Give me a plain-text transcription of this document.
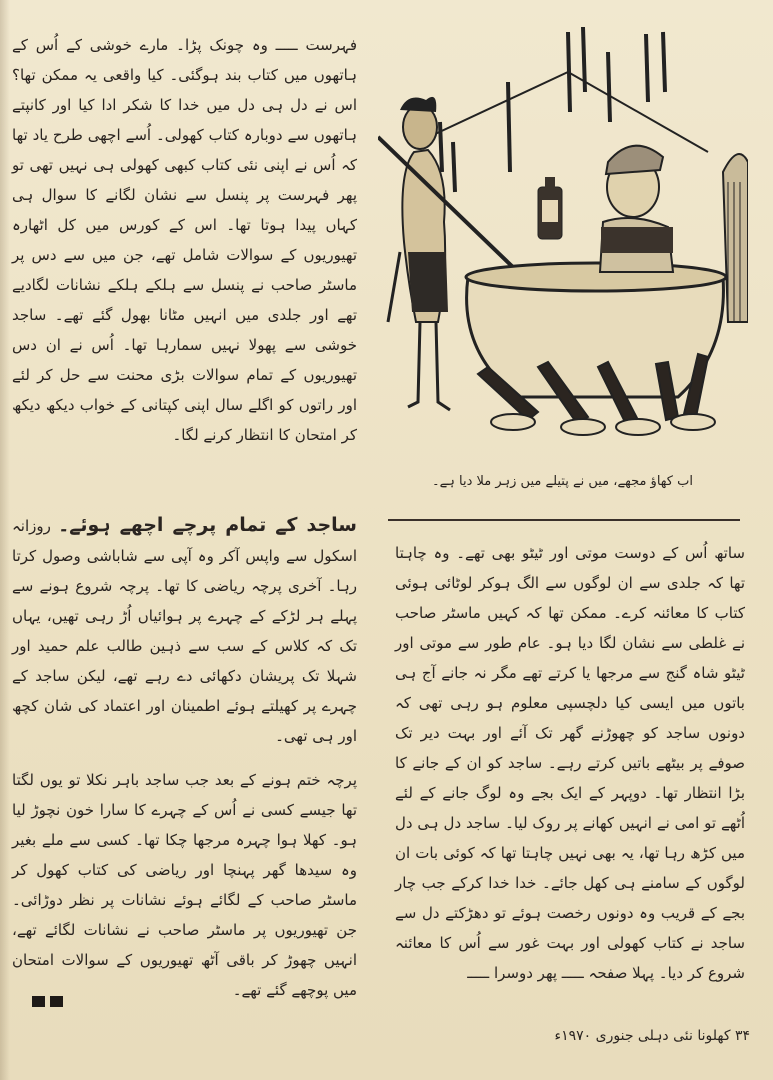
فہرست ـــــ وہ چونک پڑا۔ مارے خوشی کے اُس کے ہاتھوں میں کتاب بند ہوگئی۔ کیا واقعی یہ ممکن تھا؟ اس نے دل ہی دل میں خدا کا شکر ادا کیا اور کانپتے ہاتھوں سے دوبارہ کتاب کھولی۔ اُسے اچھی طرح یاد تھا کہ اُس نے اپنی نئی کتاب کبھی کھولی ہی نہیں تھی تو پھر فہرست پر پنسل سے نشان لگانے کا سوال ہی کہاں پیدا ہوتا تھا۔ اس کے کورس میں کل اٹھارہ تھیوریوں کے سوالات شامل تھے، جن میں سے دس پر ماسٹر صاحب نے پنسل سے ہلکے ہلکے نشانات لگادیے تھے اور جلدی میں انہیں مٹانا بھول گئے تھے۔ ساجد خوشی سے پھولا نہیں سمارہا تھا۔ اُس نے ان دس تھیوریوں کے تمام سوالات بڑی محنت سے حل کر لئے اور راتوں کو اگلے سال اپنی کپتانی کے خواب دیکھ دیکھ کر امتحان کا انتظار کرنے لگا۔

ساجد کے تمام پرچے اچھے ہوئے۔ روزانہ اسکول سے واپس آکر وہ آپی سے شاباشی وصول کرتا رہا۔ آخری پرچہ ریاضی کا تھا۔ پرچہ شروع ہونے سے پہلے ہر لڑکے کے چہرے پر ہوائیاں اُڑ رہی تھیں، یہاں تک کہ کلاس کے سب سے ذہین طالب علم حمید اور شہلا تک پریشان دکھائی دے رہے تھے، لیکن ساجد کے چہرے پر کھیلتے ہوئے اطمینان اور اعتماد کی شان کچھ اور ہی تھی۔

پرچہ ختم ہونے کے بعد جب ساجد باہر نکلا تو یوں لگتا تھا جیسے کسی نے اُس کے چہرے کا سارا خون نچوڑ لیا ہو۔ کھلا ہوا چہرہ مرجھا چکا تھا۔ کسی سے ملے بغیر وہ سیدھا گھر پہنچا اور ریاضی کی کتاب کھول کر ماسٹر صاحب کے لگائے ہوئے نشانات پر نظر دوڑائی۔ جن تھیوریوں پر ماسٹر صاحب نے نشانات لگائے تھے، انہیں چھوڑ کر باقی آٹھ تھیوریوں کے سوالات امتحان میں پوچھے گئے تھے۔

اب کھاؤ مجھے، میں نے پتیلے میں زہر ملا دیا ہے۔

ساتھ اُس کے دوست موتی اور ٹیٹو بھی تھے۔ وہ چاہتا تھا کہ جلدی سے ان لوگوں سے الگ ہوکر لوٹائی ہوئی کتاب کا معائنہ کرے۔ ممکن تھا کہ کہیں ماسٹر صاحب نے غلطی سے نشان لگا دیا ہو۔ عام طور سے موتی اور ٹیٹو شاہ گنج سے مرجھا یا کرتے تھے مگر نہ جانے آج ہی باتوں میں ایسی کیا دلچسپی معلوم ہو رہی تھی کہ دونوں ساجد کو چھوڑنے گھر تک آئے اور بہت دیر تک صوفے پر بیٹھے باتیں کرتے رہے۔ ساجد کو ان کے جانے کا بڑا انتظار تھا۔ دوپہر کے ایک بجے وہ لوگ جانے کے لئے اُٹھے تو امی نے انہیں کھانے پر روک لیا۔ ساجد دل ہی دل میں کڑھ رہا تھا، یہ بھی نہیں چاہتا تھا کہ کوئی بات ان لوگوں کے سامنے ہی کھل جائے۔ خدا خدا کرکے جب چار بجے کے قریب وہ دونوں رخصت ہوئے تو دھڑکتے دل سے ساجد نے کتاب کھولی اور بہت غور سے اُس کا معائنہ شروع کر دیا۔ پہلا صفحہ ـــــ پھر دوسرا ـــــ

۳۴ کھلونا نئی دہلی جنوری ۱۹۷۰ء
